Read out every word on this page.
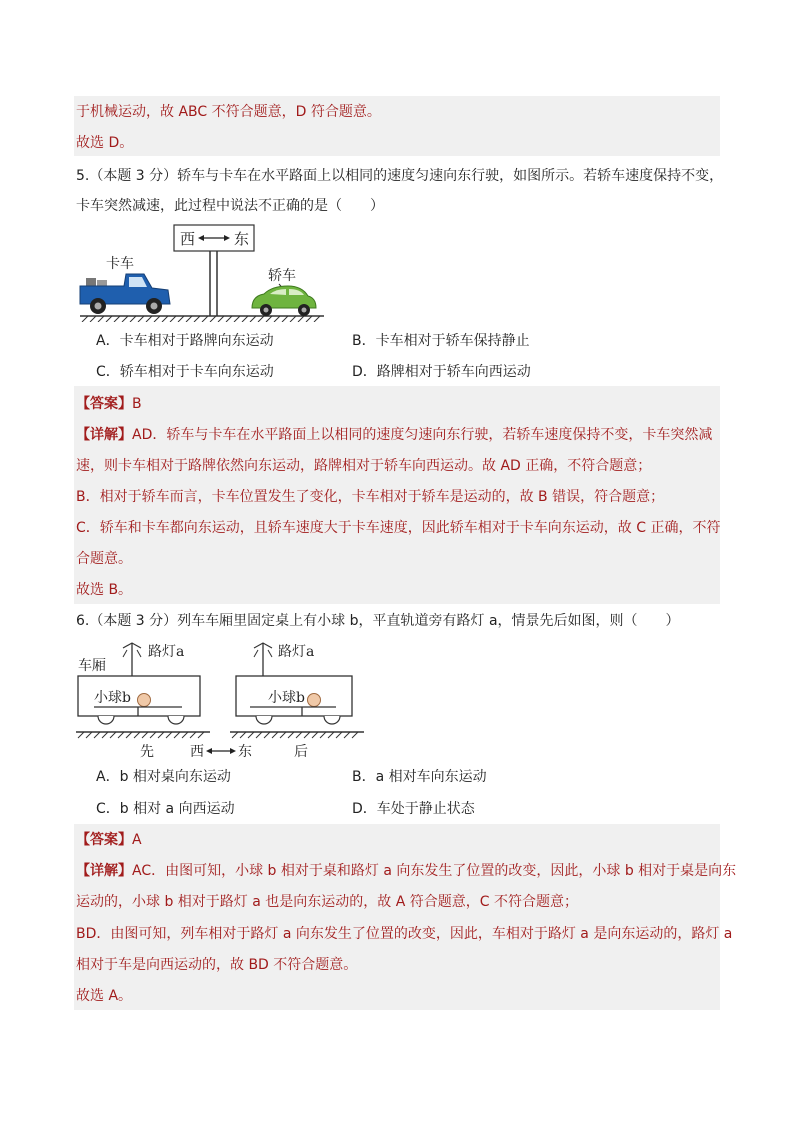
于机械运动，故 ABC 不符合题意，D 符合题意。
故选 D。
5.（本题 3 分）轿车与卡车在水平路面上以相同的速度匀速向东行驶，如图所示。若轿车速度保持不变，
卡车突然减速，此过程中说法不正确的是（　　）
西	东
卡车
轿车
A．卡车相对于路牌向东运动	B．卡车相对于轿车保持静止
C．轿车相对于卡车向东运动	D．路牌相对于轿车向西运动
【答案】B
【详解】AD．轿车与卡车在水平路面上以相同的速度匀速向东行驶，若轿车速度保持不变，卡车突然减
速，则卡车相对于路牌依然向东运动，路牌相对于轿车向西运动。故 AD 正确，不符合题意；
B．相对于轿车而言，卡车位置发生了变化，卡车相对于轿车是运动的，故 B 错误，符合题意；
C．轿车和卡车都向东运动，且轿车速度大于卡车速度，因此轿车相对于卡车向东运动，故 C 正确，不符
合题意。
故选 B。
6.（本题 3 分）列车车厢里固定桌上有小球 b，平直轨道旁有路灯 a，情景先后如图，则（　　）
车厢
路灯a
小球b
路灯a
小球b
先	西 东	后
A．b 相对桌向东运动	B．a 相对车向东运动
C．b 相对 a 向西运动	D．车处于静止状态
【答案】A
【详解】AC．由图可知，小球 b 相对于桌和路灯 a 向东发生了位置的改变，因此，小球 b 相对于桌是向东
运动的，小球 b 相对于路灯 a 也是向东运动的，故 A 符合题意，C 不符合题意；
BD．由图可知，列车相对于路灯 a 向东发生了位置的改变，因此，车相对于路灯 a 是向东运动的，路灯 a
相对于车是向西运动的，故 BD 不符合题意。
故选 A。
